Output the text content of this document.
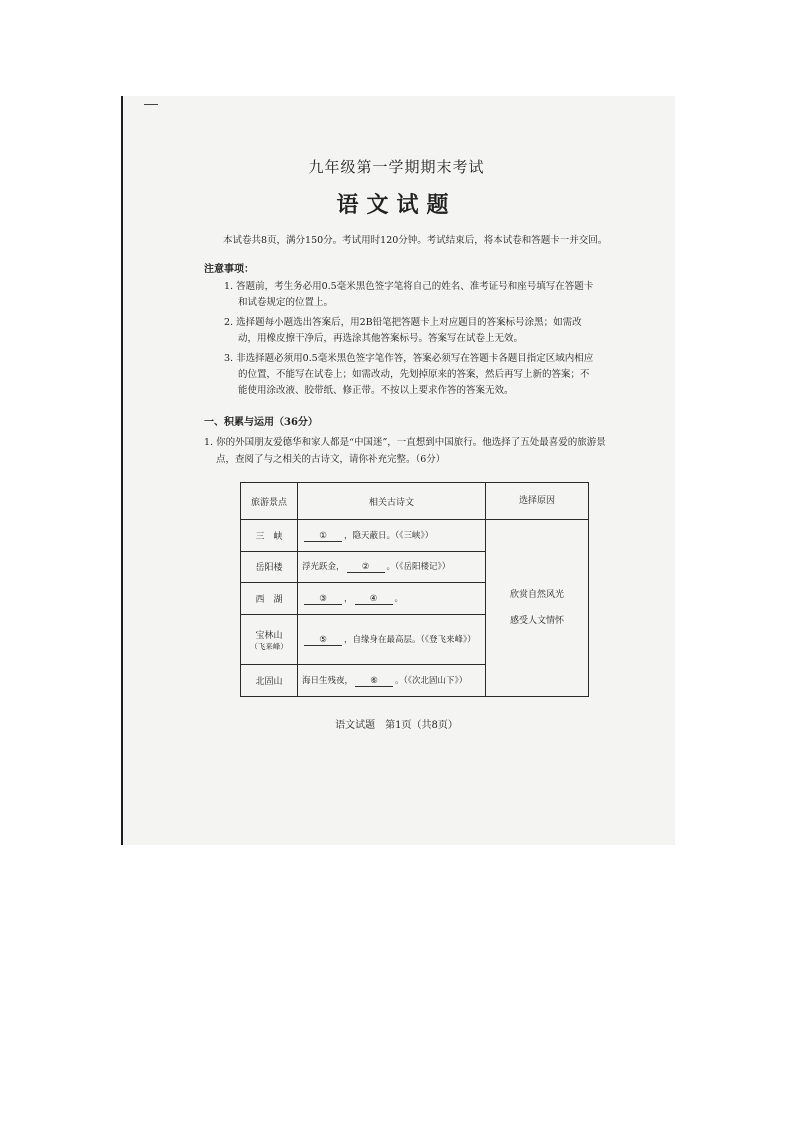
九年级第一学期期末考试
语文试题
本试卷共8页，满分150分。考试用时120分钟。考试结束后，将本试卷和答题卡一并交回。
注意事项：
1. 答题前，考生务必用0.5毫米黑色签字笔将自己的姓名、准考证号和座号填写在答题卡和试卷规定的位置上。
2. 选择题每小题选出答案后，用2B铅笔把答题卡上对应题目的答案标号涂黑；如需改动，用橡皮擦干净后，再选涂其他答案标号。答案写在试卷上无效。
3. 非选择题必须用0.5毫米黑色签字笔作答，答案必须写在答题卡各题目指定区域内相应的位置，不能写在试卷上；如需改动，先划掉原来的答案，然后再写上新的答案；不能使用涂改液、胶带纸、修正带。不按以上要求作答的答案无效。
一、积累与运用（36分）
1. 你的外国朋友爱德华和家人都是“中国迷”，一直想到中国旅行。他选择了五处最喜爱的旅游景点，查阅了与之相关的古诗文，请你补充完整。（6分）
旅游景点	相关古诗文	选择原因
三　峡	① ，隐天蔽日。（《三峡》）	欣赏自然风光
感受人文情怀

岳阳楼	浮光跃金， ② 。（《岳阳楼记》）	
西　湖	③ ， ④ 。	

宝林山
（飞来峰）	⑤ ，自缘身在最高层。（《登飞来峰》）	
北固山	海日生残夜， ⑥ 。（《次北固山下》）	
语文试题　第1页（共8页）
